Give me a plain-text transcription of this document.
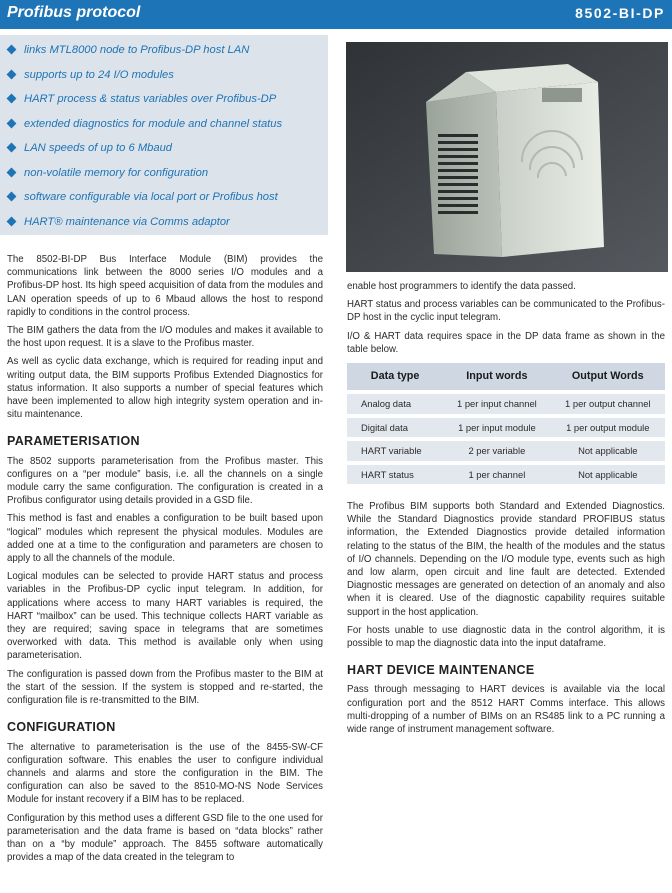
Profibus protocol	8502-BI-DP
links MTL8000 node to Profibus-DP host LAN
supports up to 24 I/O modules
HART process & status variables over Profibus-DP
extended diagnostics for module and channel status
LAN speeds of up to 6 Mbaud
non-volatile memory for configuration
software configurable via local port or Profibus host
HART® maintenance via Comms adaptor

The 8502-BI-DP Bus Interface Module (BIM) provides the communications link between the 8000 series I/O modules and a Profibus-DP host. Its high speed acquisition of data from the modules and LAN operation speeds of up to 6 Mbaud allows the host to respond rapidly to conditions in the control process.

The BIM gathers the data from the I/O modules and makes it available to the host upon request. It is a slave to the Profibus master.

As well as cyclic data exchange, which is required for reading input and writing output data, the BIM supports Profibus Extended Diagnostics for status information. It also supports a number of special features which have been implemented to allow high integrity system operation and in-situ maintenance.

PARAMETERISATION

The 8502 supports parameterisation from the Profibus master. This configures on a “per module” basis, i.e. all the channels on a single module carry the same configuration. The configuration is created in a Profibus configurator using details provided in a GSD file.

This method is fast and enables a configuration to be built based upon “logical” modules which represent the physical modules. Modules are added one at a time to the configuration and parameters are chosen to apply to all the channels of the module.

Logical modules can be selected to provide HART status and process variables in the Profibus-DP cyclic input telegram. In addition, for applications where access to many HART variables is required, the HART “mailbox” can be used. This technique collects HART variable as they are required; saving space in telegrams that are sometimes overworked with data. This method is available only when using parameterisation.

The configuration is passed down from the Profibus master to the BIM at the start of the session. If the system is stopped and re-started, the configuration file is re-transmitted to the BIM.

CONFIGURATION

The alternative to parameterisation is the use of the 8455-SW-CF configuration software. This enables the user to configure individual channels and alarms and store the configuration in the BIM. The configuration can also be saved to the 8510-MO-NS Node Services Module for instant recovery if a BIM has to be replaced.

Configuration by this method uses a different GSD file to the one used for parameterisation and the data frame is based on “data blocks” rather than on a “by module” approach. The 8455 software automatically provides a map of the data created in the telegram to

enable host programmers to identify the data passed.

HART status and process variables can be communicated to the Profibus-DP host in the cyclic input telegram.

I/O & HART data requires space in the DP data frame as shown in the table below.

Data type	Input words	Output Words
Analog data	1 per input channel	1 per output channel
Digital data	1 per input module	1 per output module
HART variable	2 per variable	Not applicable
HART status	1 per channel	Not applicable

The Profibus BIM supports both Standard and Extended Diagnostics. While the Standard Diagnostics provide standard PROFIBUS status information, the Extended Diagnostics provide detailed information relating to the status of the BIM, the health of the modules and the status of I/O channels. Depending on the I/O module type, events such as high and low alarm, open circuit and line fault are detected. Extended Diagnostic messages are generated on detection of an anomaly and also when it is cleared. Use of the diagnostic capability requires suitable support in the host application.

For hosts unable to use diagnostic data in the control algorithm, it is possible to map the diagnostic data into the input dataframe.

HART DEVICE MAINTENANCE

Pass through messaging to HART devices is available via the local configuration port and the 8512 HART Comms interface. This allows multi-dropping of a number of BIMs on an RS485 link to a PC running a wide range of instrument management software.
